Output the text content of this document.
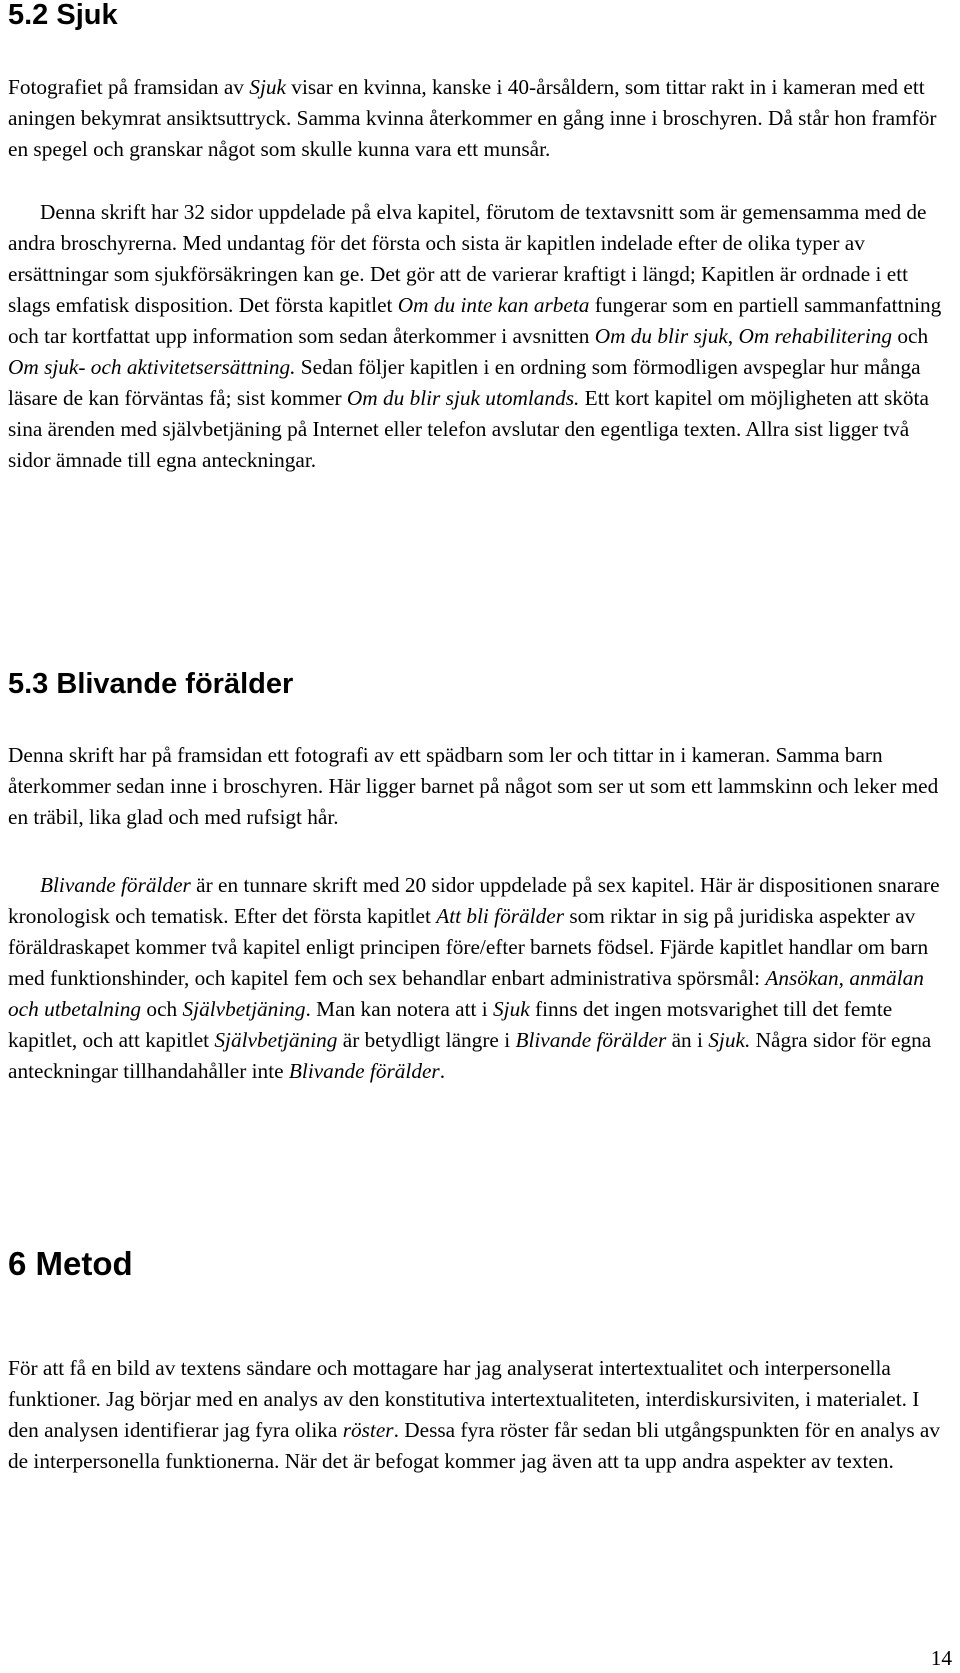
5.2 Sjuk

Fotografiet på framsidan av Sjuk visar en kvinna, kanske i 40-årsåldern, som tittar rakt in i kameran med ett aningen bekymrat ansiktsuttryck. Samma kvinna återkommer en gång inne i broschyren. Då står hon framför en spegel och granskar något som skulle kunna vara ett munsår.

Denna skrift har 32 sidor uppdelade på elva kapitel, förutom de textavsnitt som är gemensamma med de andra broschyrerna. Med undantag för det första och sista är kapitlen indelade efter de olika typer av ersättningar som sjukförsäkringen kan ge. Det gör att de varierar kraftigt i längd; Kapitlen är ordnade i ett slags emfatisk disposition. Det första kapitlet Om du inte kan arbeta fungerar som en partiell sammanfattning och tar kortfattat upp information som sedan återkommer i avsnitten Om du blir sjuk, Om rehabilitering och Om sjuk- och aktivitetsersättning. Sedan följer kapitlen i en ordning som förmodligen avspeglar hur många läsare de kan förväntas få; sist kommer Om du blir sjuk utomlands. Ett kort kapitel om möjligheten att sköta sina ärenden med självbetjäning på Internet eller telefon avslutar den egentliga texten. Allra sist ligger två sidor ämnade till egna anteckningar.

5.3 Blivande förälder

Denna skrift har på framsidan ett fotografi av ett spädbarn som ler och tittar in i kameran. Samma barn återkommer sedan inne i broschyren. Här ligger barnet på något som ser ut som ett lammskinn och leker med en träbil, lika glad och med rufsigt hår.

Blivande förälder är en tunnare skrift med 20 sidor uppdelade på sex kapitel. Här är dispositionen snarare kronologisk och tematisk. Efter det första kapitlet Att bli förälder som riktar in sig på juridiska aspekter av föräldraskapet kommer två kapitel enligt principen före/efter barnets födsel. Fjärde kapitlet handlar om barn med funktionshinder, och kapitel fem och sex behandlar enbart administrativa spörsmål: Ansökan, anmälan och utbetalning och Självbetjäning. Man kan notera att i Sjuk finns det ingen motsvarighet till det femte kapitlet, och att kapitlet Självbetjäning är betydligt längre i Blivande förälder än i Sjuk. Några sidor för egna anteckningar tillhandahåller inte Blivande förälder.

6 Metod

För att få en bild av textens sändare och mottagare har jag analyserat intertextualitet och interpersonella funktioner. Jag börjar med en analys av den konstitutiva intertextualiteten, interdiskursiviten, i materialet. I den analysen identifierar jag fyra olika röster. Dessa fyra röster får sedan bli utgångspunkten för en analys av de interpersonella funktionerna. När det är befogat kommer jag även att ta upp andra aspekter av texten.

14
